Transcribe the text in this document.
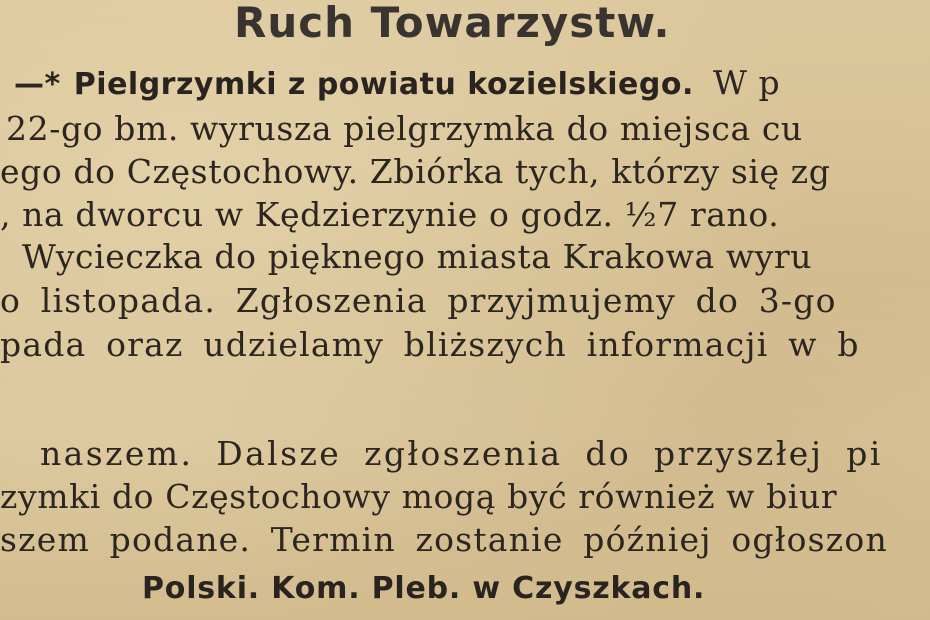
Ruch Towarzystw.
—* Pielgrzymki z powiatu kozielskiego. W p
22-go bm. wyrusza pielgrzymka do miejsca cu
ego do Częstochowy. Zbiórka tych, którzy się zg
, na dworcu w Kędzierzynie o godz. ½7 rano.
Wycieczka do pięknego miasta Krakowa wyru
o listopada. Zgłoszenia przyjmujemy do 3-go
pada oraz udzielamy bliższych informacji w b
naszem. Dalsze zgłoszenia do przyszłej pi
zymki do Częstochowy mogą być również w biur
szem podane. Termin zostanie później ogłoszon
Polski. Kom. Pleb. w Czyszkach.
